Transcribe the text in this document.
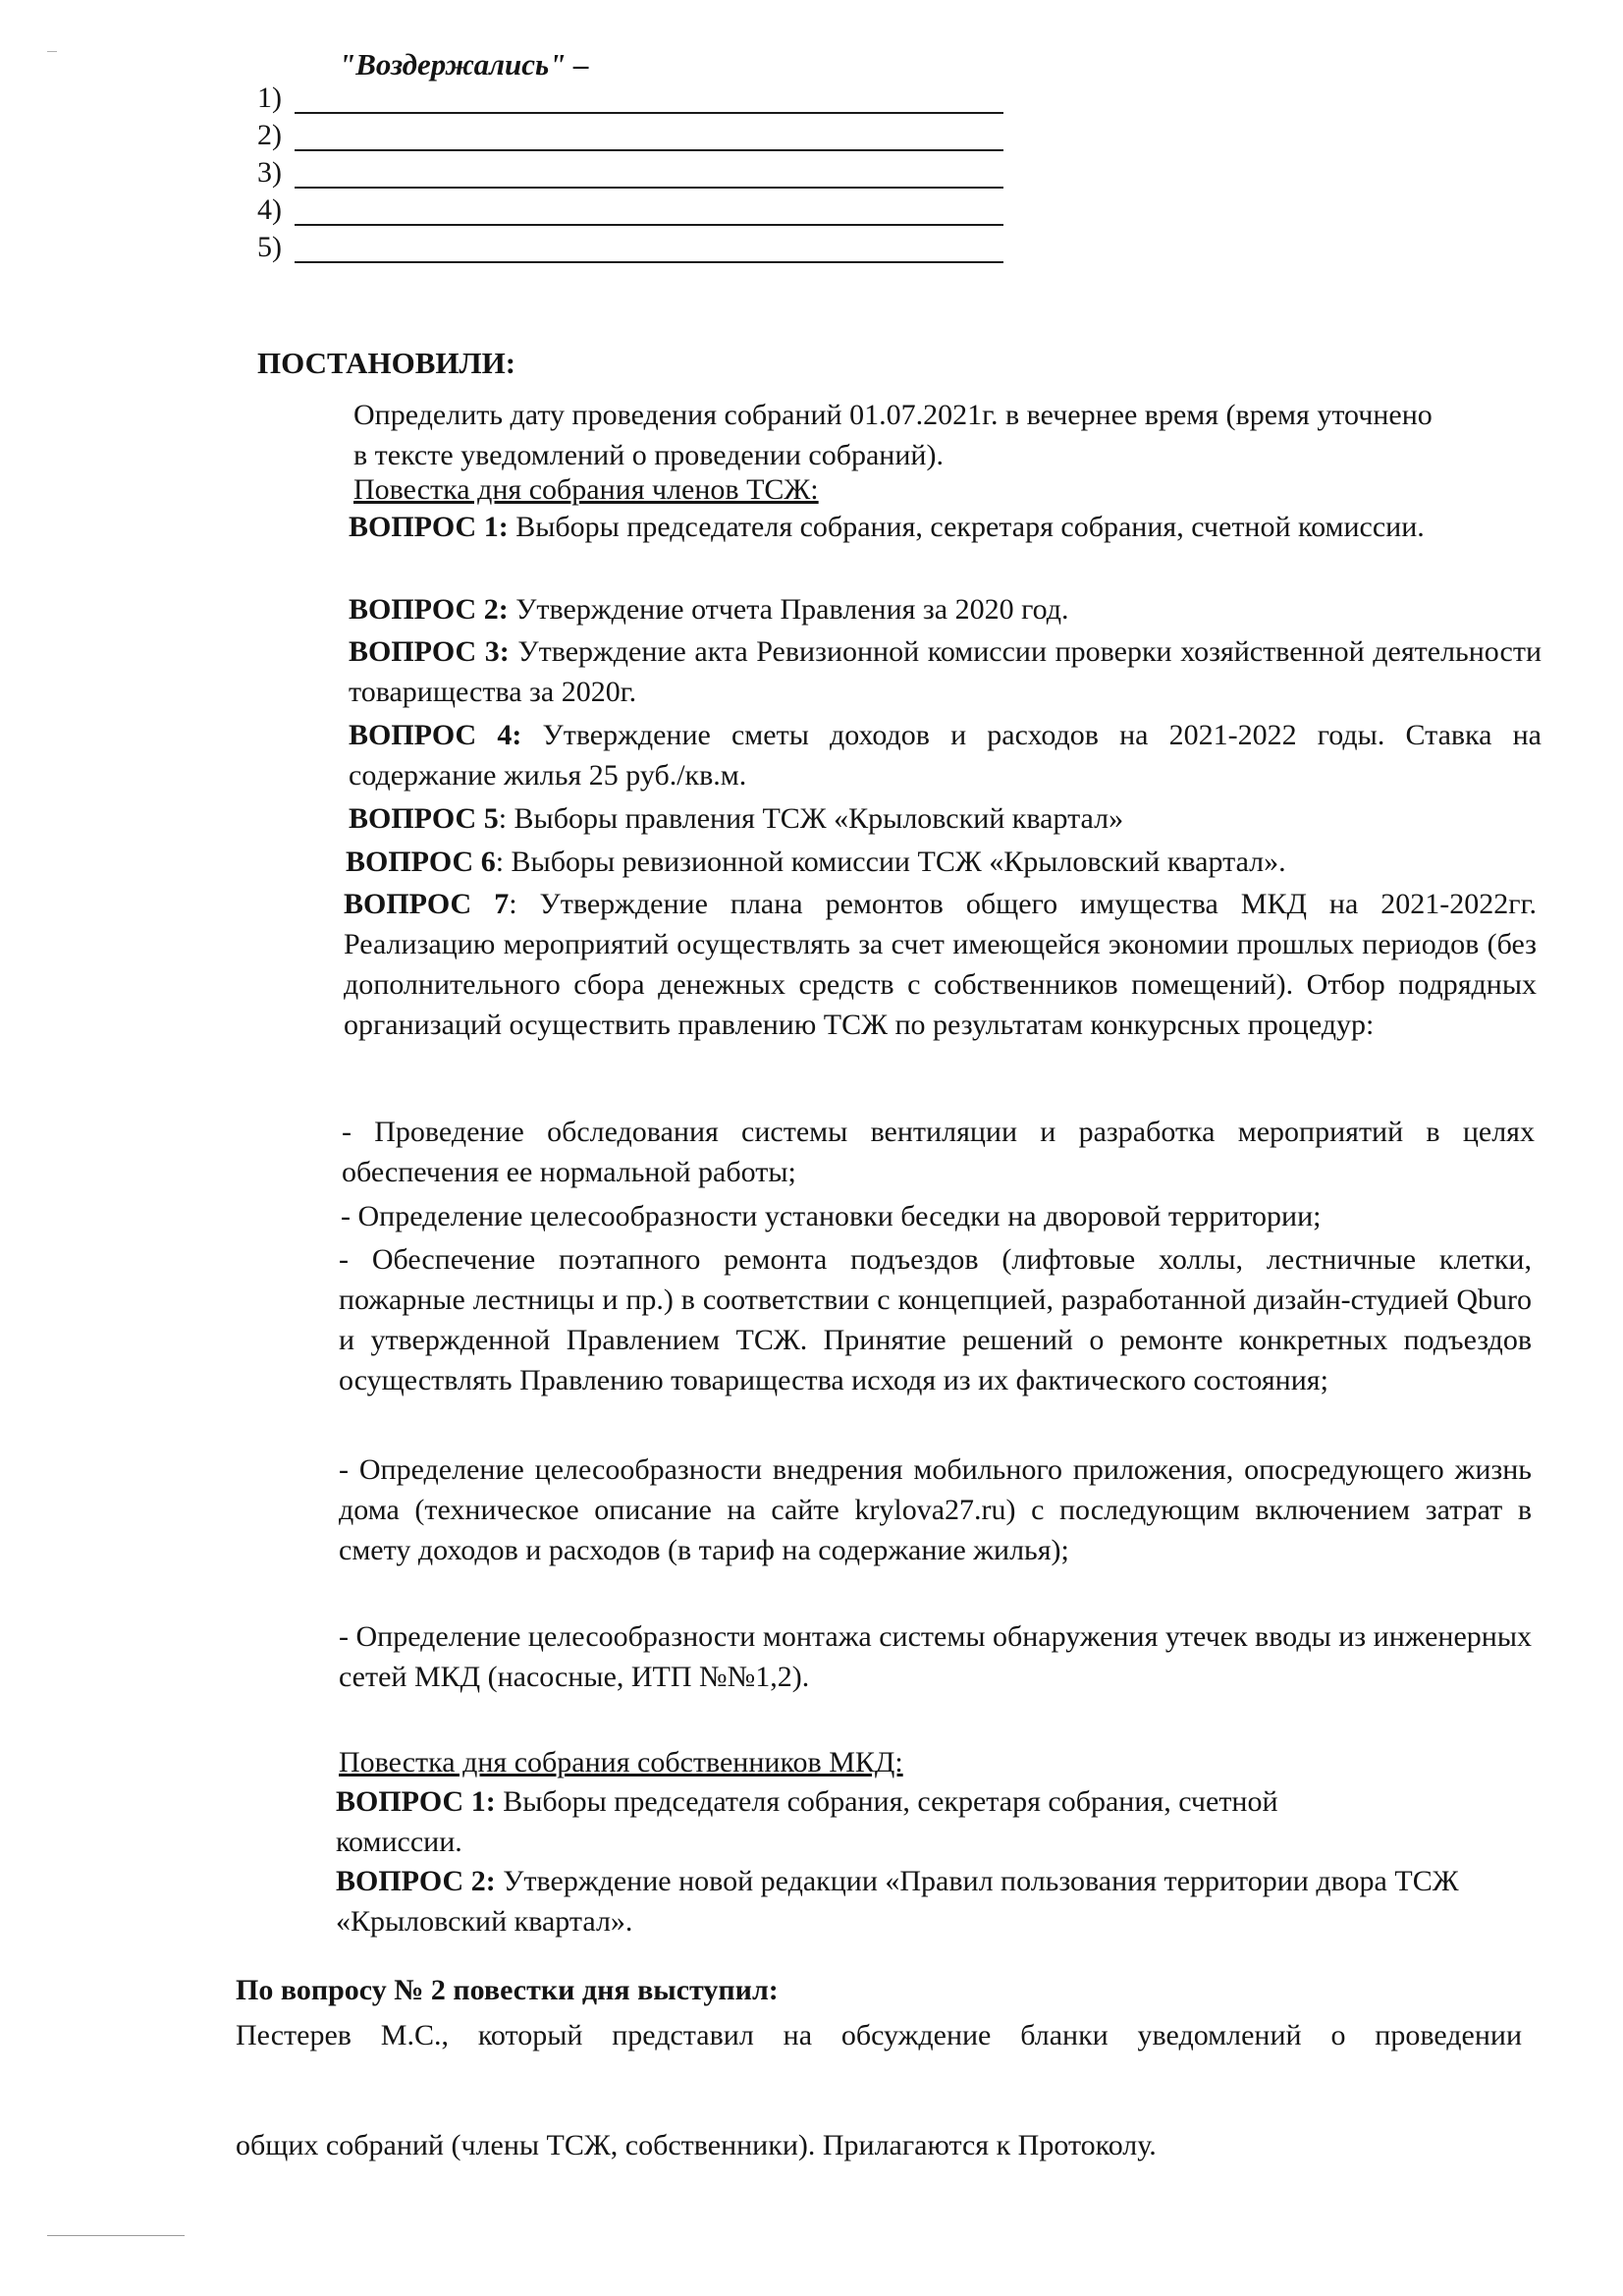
"Воздержались" –
1)
2)
3)
4)
5)
ПОСТАНОВИЛИ:
Определить дату проведения собраний 01.07.2021г. в вечернее время (время уточнено в тексте уведомлений о проведении собраний).
Повестка дня собрания членов ТСЖ:
ВОПРОС 1: Выборы председателя собрания, секретаря собрания, счетной комиссии.
ВОПРОС 2: Утверждение отчета Правления за 2020 год.
ВОПРОС 3: Утверждение акта Ревизионной комиссии проверки хозяйственной деятельности товарищества за 2020г.
ВОПРОС 4: Утверждение сметы доходов и расходов на 2021-2022 годы. Ставка на содержание жилья 25 руб./кв.м.
ВОПРОС 5: Выборы правления ТСЖ «Крыловский квартал»
ВОПРОС 6: Выборы ревизионной комиссии ТСЖ «Крыловский квартал».
ВОПРОС 7: Утверждение плана ремонтов общего имущества МКД на 2021-2022гг. Реализацию мероприятий осуществлять за счет имеющейся экономии прошлых периодов (без дополнительного сбора денежных средств с собственников помещений). Отбор подрядных организаций осуществить правлению ТСЖ по результатам конкурсных процедур:
- Проведение обследования системы вентиляции и разработка мероприятий в целях обеспечения ее нормальной работы;
- Определение целесообразности установки беседки на дворовой территории;
- Обеспечение поэтапного ремонта подъездов (лифтовые холлы, лестничные клетки, пожарные лестницы и пр.) в соответствии с концепцией, разработанной дизайн-студией Qburo и утвержденной Правлением ТСЖ. Принятие решений о ремонте конкретных подъездов осуществлять Правлению товарищества исходя из их фактического состояния;
- Определение целесообразности внедрения мобильного приложения, опосредующего жизнь дома (техническое описание на сайте krylova27.ru) с последующим включением затрат в смету доходов и расходов (в тариф на содержание жилья);
- Определение целесообразности монтажа системы обнаружения утечек вводы из инженерных сетей МКД (насосные, ИТП №№1,2).
Повестка дня собрания собственников МКД:
ВОПРОС 1: Выборы председателя собрания, секретаря собрания, счетной комиссии.
ВОПРОС 2: Утверждение новой редакции «Правил пользования территории двора ТСЖ «Крыловский квартал».
По вопросу № 2 повестки дня выступил:
Пестерев М.С., который представил на обсуждение бланки уведомлений о проведении
общих собраний (члены ТСЖ, собственники). Прилагаются к Протоколу.
